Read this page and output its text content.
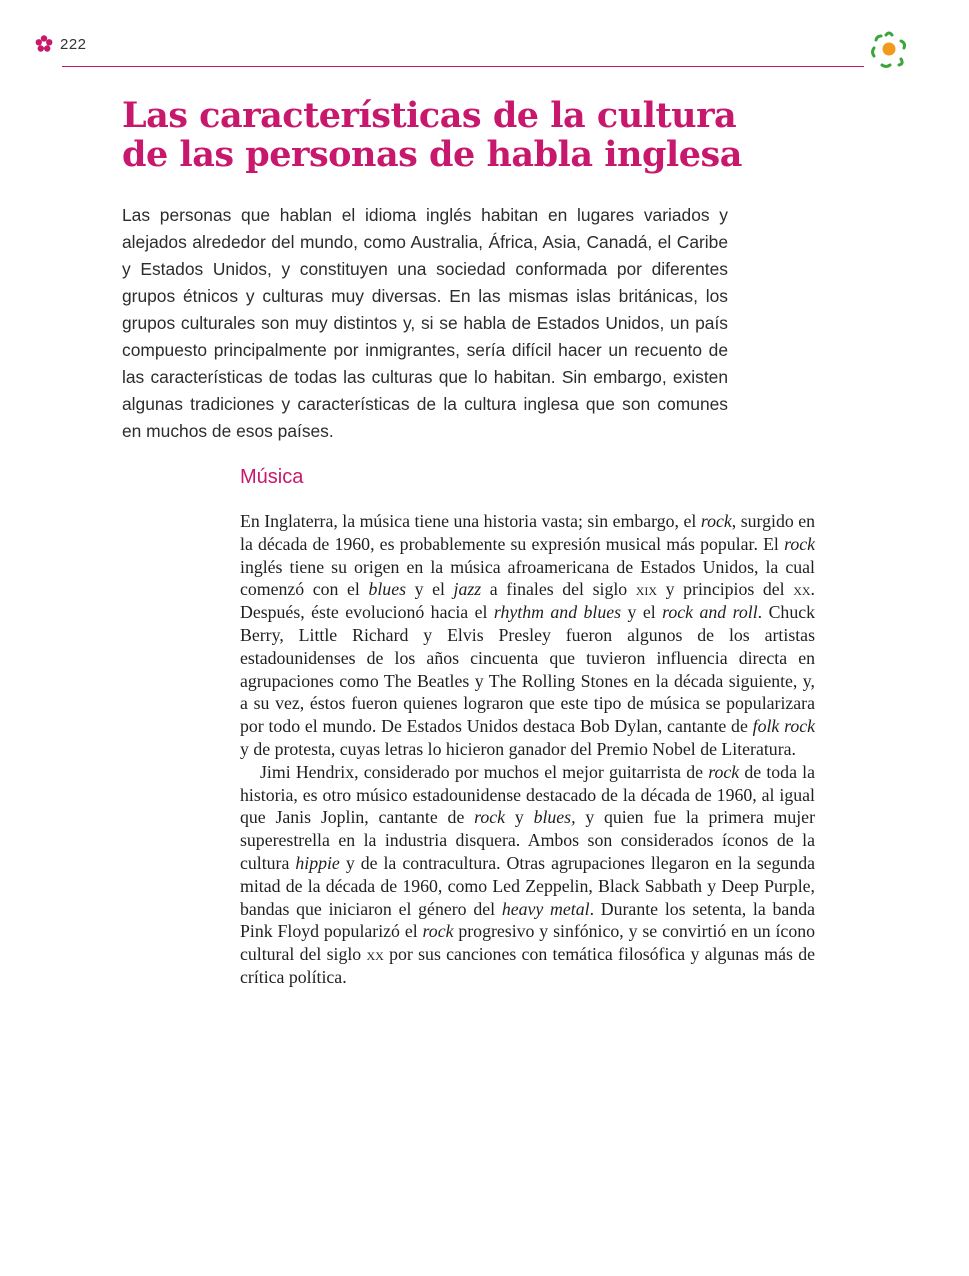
222
Las características de la cultura
de las personas de habla inglesa

Las personas que hablan el idioma inglés habitan en lugares variados y alejados alrededor del mundo, como Australia, África, Asia, Canadá, el Caribe y Estados Unidos, y constituyen una sociedad conformada por diferentes grupos étnicos y culturas muy diversas. En las mismas islas británicas, los grupos culturales son muy distintos y, si se habla de Estados Unidos, un país compuesto principalmente por inmigrantes, sería difícil hacer un recuento de las características de todas las culturas que lo habitan. Sin embargo, existen algunas tradiciones y características de la cultura inglesa que son comunes en muchos de esos países.

Música

En Inglaterra, la música tiene una historia vasta; sin embargo, el rock, surgido en la década de 1960, es probablemente su expresión musical más popular. El rock inglés tiene su origen en la música afroamericana de Estados Unidos, la cual comenzó con el blues y el jazz a finales del siglo xix y principios del xx. Después, éste evolucionó hacia el rhythm and blues y el rock and roll. Chuck Berry, Little Richard y Elvis Presley fueron algunos de los artistas estadounidenses de los años cincuenta que tuvieron influencia directa en agrupaciones como The Beatles y The Rolling Stones en la década siguiente, y, a su vez, éstos fueron quienes lograron que este tipo de música se popularizara por todo el mundo. De Estados Unidos destaca Bob Dylan, cantante de folk rock y de protesta, cuyas letras lo hicieron ganador del Premio Nobel de Literatura.

Jimi Hendrix, considerado por muchos el mejor guitarrista de rock de toda la historia, es otro músico estadounidense destacado de la década de 1960, al igual que Janis Joplin, cantante de rock y blues, y quien fue la primera mujer superestrella en la industria disquera. Ambos son considerados íconos de la cultura hippie y de la contracultura. Otras agrupaciones llegaron en la segunda mitad de la década de 1960, como Led Zeppelin, Black Sabbath y Deep Purple, bandas que iniciaron el género del heavy metal. Durante los setenta, la banda Pink Floyd popularizó el rock progresivo y sinfónico, y se convirtió en un ícono cultural del siglo xx por sus canciones con temática filosófica y algunas más de crítica política.
